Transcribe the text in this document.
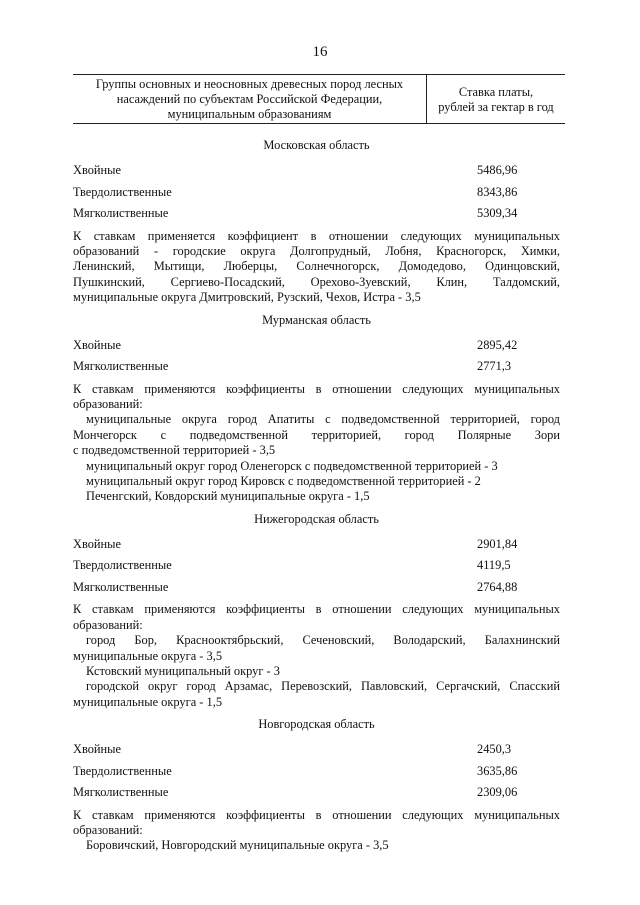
16
Группы основных и неосновных древесных пород лесных
насаждений по субъектам Российской Федерации,
муниципальным образованиям
Ставка платы,
рублей за гектар в год
Московская область
Хвойные	5486,96
Твердолиственные	8343,86
Мягколиственные	5309,34
К ставкам применяется коэффициент в отношении следующих муниципальных
образований - городские округа Долгопрудный, Лобня, Красногорск, Химки,
Ленинский, Мытищи, Люберцы, Солнечногорск, Домодедово, Одинцовский,
Пушкинский, Сергиево-Посадский, Орехово-Зуевский, Клин, Талдомский,
муниципальные округа Дмитровский, Рузский, Чехов, Истра - 3,5
Мурманская область
Хвойные	2895,42
Мягколиственные	2771,3
К ставкам применяются коэффициенты в отношении следующих муниципальных
образований:
муниципальные округа город Апатиты с подведомственной территорией, город
Мончегорск с подведомственной территорией, город Полярные Зори
с подведомственной территорией - 3,5
муниципальный округ город Оленегорск с подведомственной территорией - 3
муниципальный округ город Кировск с подведомственной территорией - 2
Печенгский, Ковдорский муниципальные округа - 1,5
Нижегородская область
Хвойные	2901,84
Твердолиственные	4119,5
Мягколиственные	2764,88
К ставкам применяются коэффициенты в отношении следующих муниципальных
образований:
город Бор, Краснооктябрьский, Сеченовский, Володарский, Балахнинский
муниципальные округа - 3,5
Кстовский муниципальный округ - 3
городской округ город Арзамас, Перевозский, Павловский, Сергачский, Спасский
муниципальные округа - 1,5
Новгородская область
Хвойные	2450,3
Твердолиственные	3635,86
Мягколиственные	2309,06
К ставкам применяются коэффициенты в отношении следующих муниципальных
образований:
Боровичский, Новгородский муниципальные округа - 3,5
